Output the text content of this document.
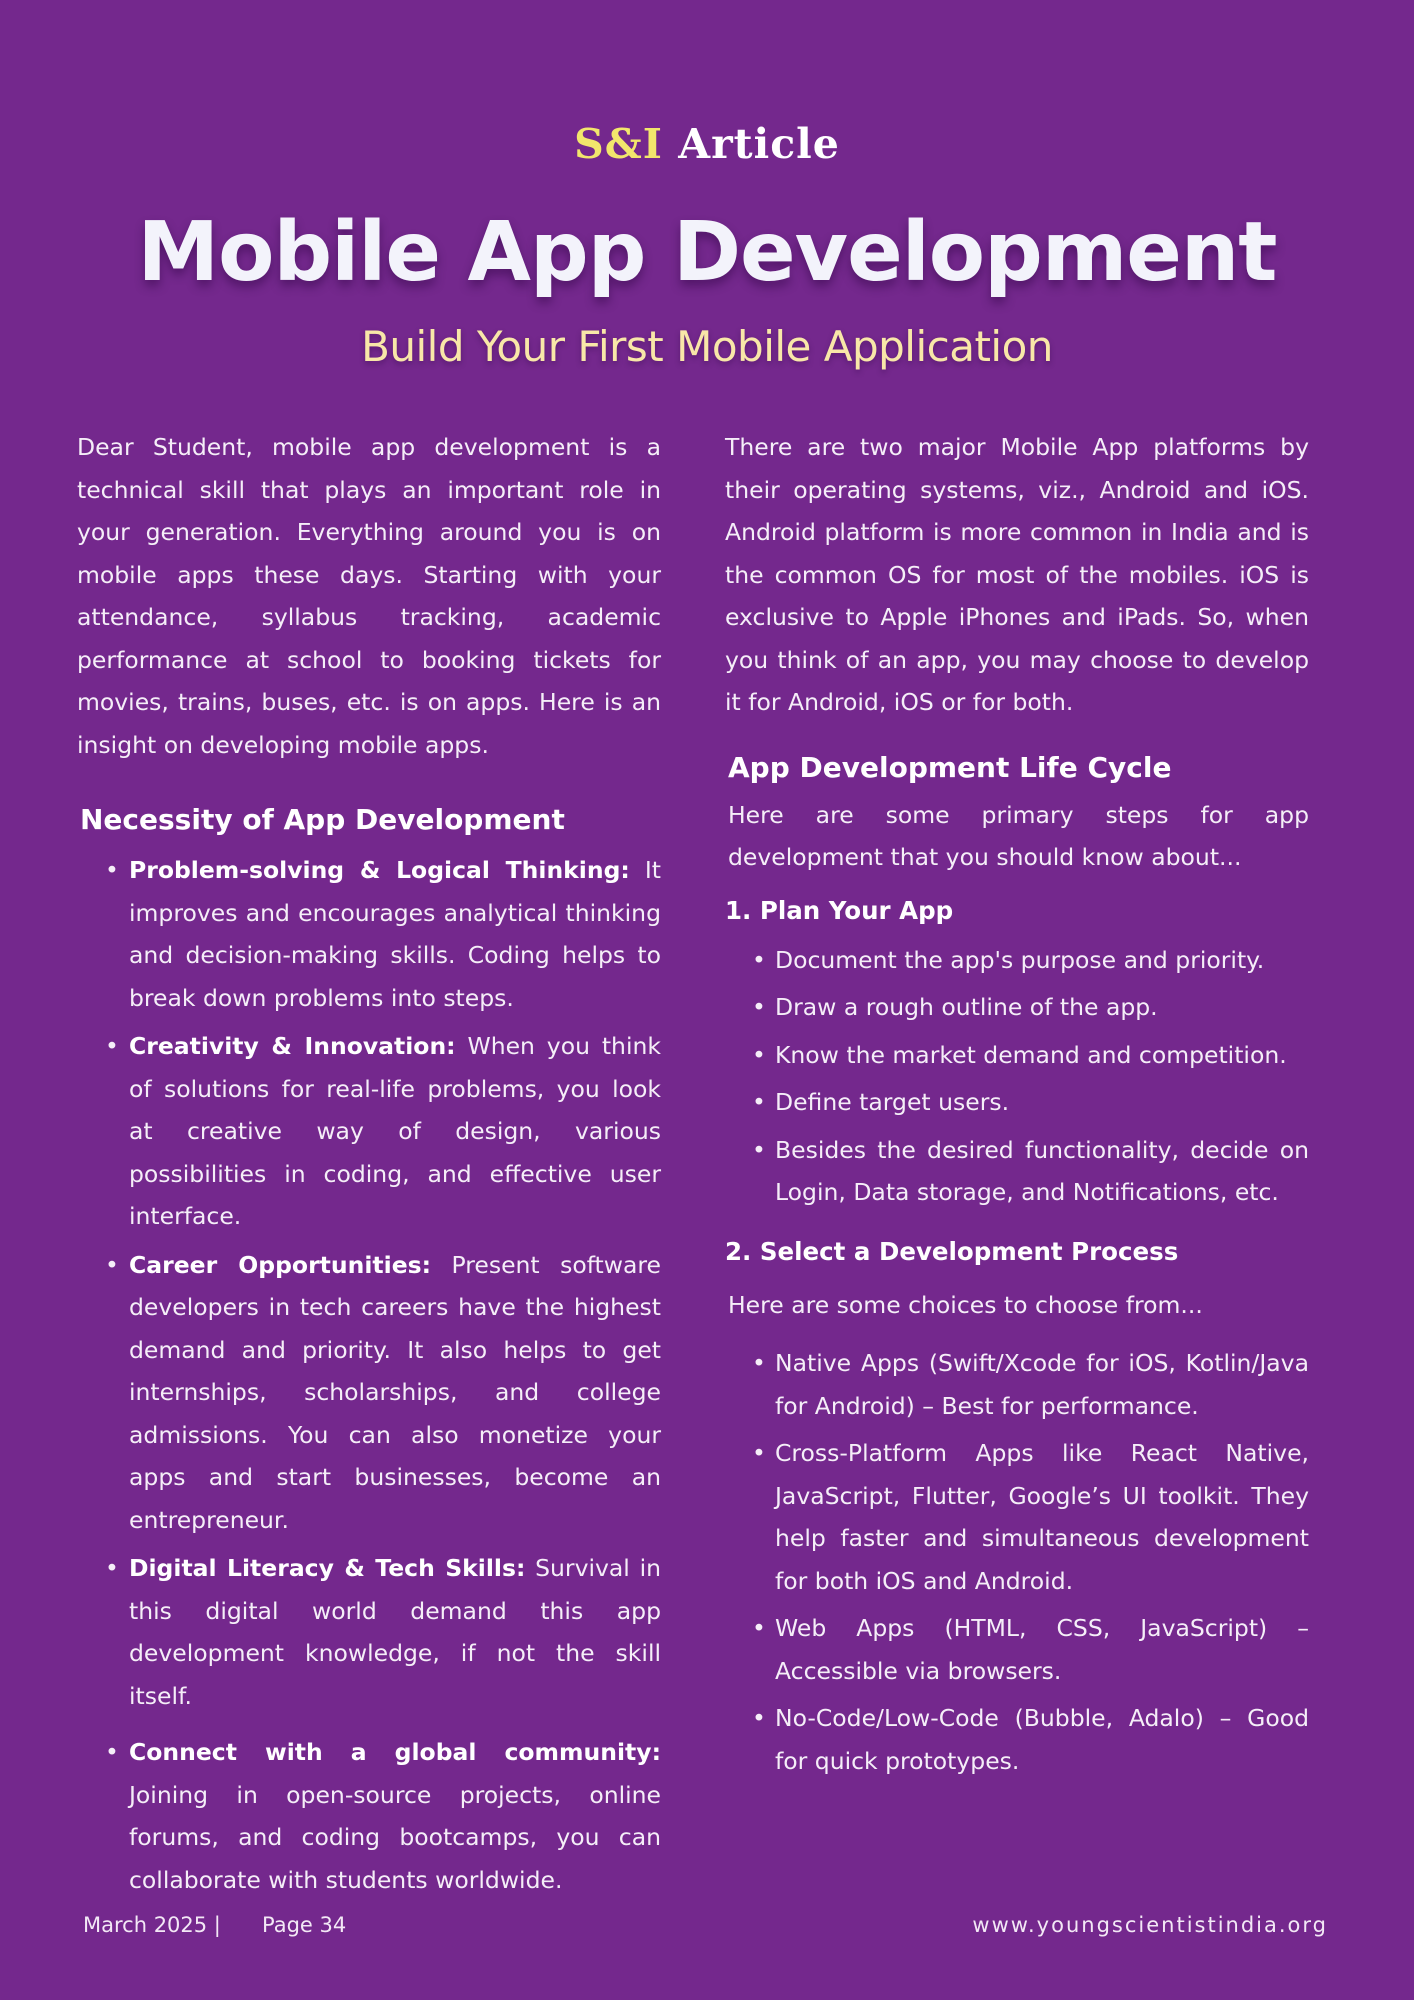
S&I Article
Mobile App Development
Build Your First Mobile Application

Dear Student, mobile app development is a technical skill that plays an important role in your generation. Everything around you is on mobile apps these days. Starting with your attendance, syllabus tracking, academic performance at school to booking tickets for movies, trains, buses, etc. is on apps. Here is an insight on developing mobile apps.

Necessity of App Development
• Problem-solving & Logical Thinking: It improves and encourages analytical thinking and decision-making skills. Coding helps to break down problems into steps.
• Creativity & Innovation: When you think of solutions for real-life problems, you look at creative way of design, various possibilities in coding, and effective user interface.
• Career Opportunities: Present software developers in tech careers have the highest demand and priority. It also helps to get internships, scholarships, and college admissions. You can also monetize your apps and start businesses, become an entrepreneur.
• Digital Literacy & Tech Skills: Survival in this digital world demand this app development knowledge, if not the skill itself.
• Connect with a global community: Joining in open-source projects, online forums, and coding bootcamps, you can collaborate with students worldwide.

There are two major Mobile App platforms by their operating systems, viz., Android and iOS. Android platform is more common in India and is the common OS for most of the mobiles. iOS is exclusive to Apple iPhones and iPads. So, when you think of an app, you may choose to develop it for Android, iOS or for both.

App Development Life Cycle

Here are some primary steps for app development that you should know about...

1. Plan Your App
• Document the app's purpose and priority.
• Draw a rough outline of the app.
• Know the market demand and competition.
• Define target users.
• Besides the desired functionality, decide on Login, Data storage, and Notifications, etc.
2. Select a Development Process

Here are some choices to choose from...

• Native Apps (Swift/Xcode for iOS, Kotlin/Java for Android) – Best for performance.
• Cross-Platform Apps like React Native, JavaScript, Flutter, Google’s UI toolkit. They help faster and simultaneous development for both iOS and Android.
• Web Apps (HTML, CSS, JavaScript) – Accessible via browsers.
• No-Code/Low-Code (Bubble, Adalo) – Good for quick prototypes.
March 2025 | Page 34	www.youngscientistindia.org
